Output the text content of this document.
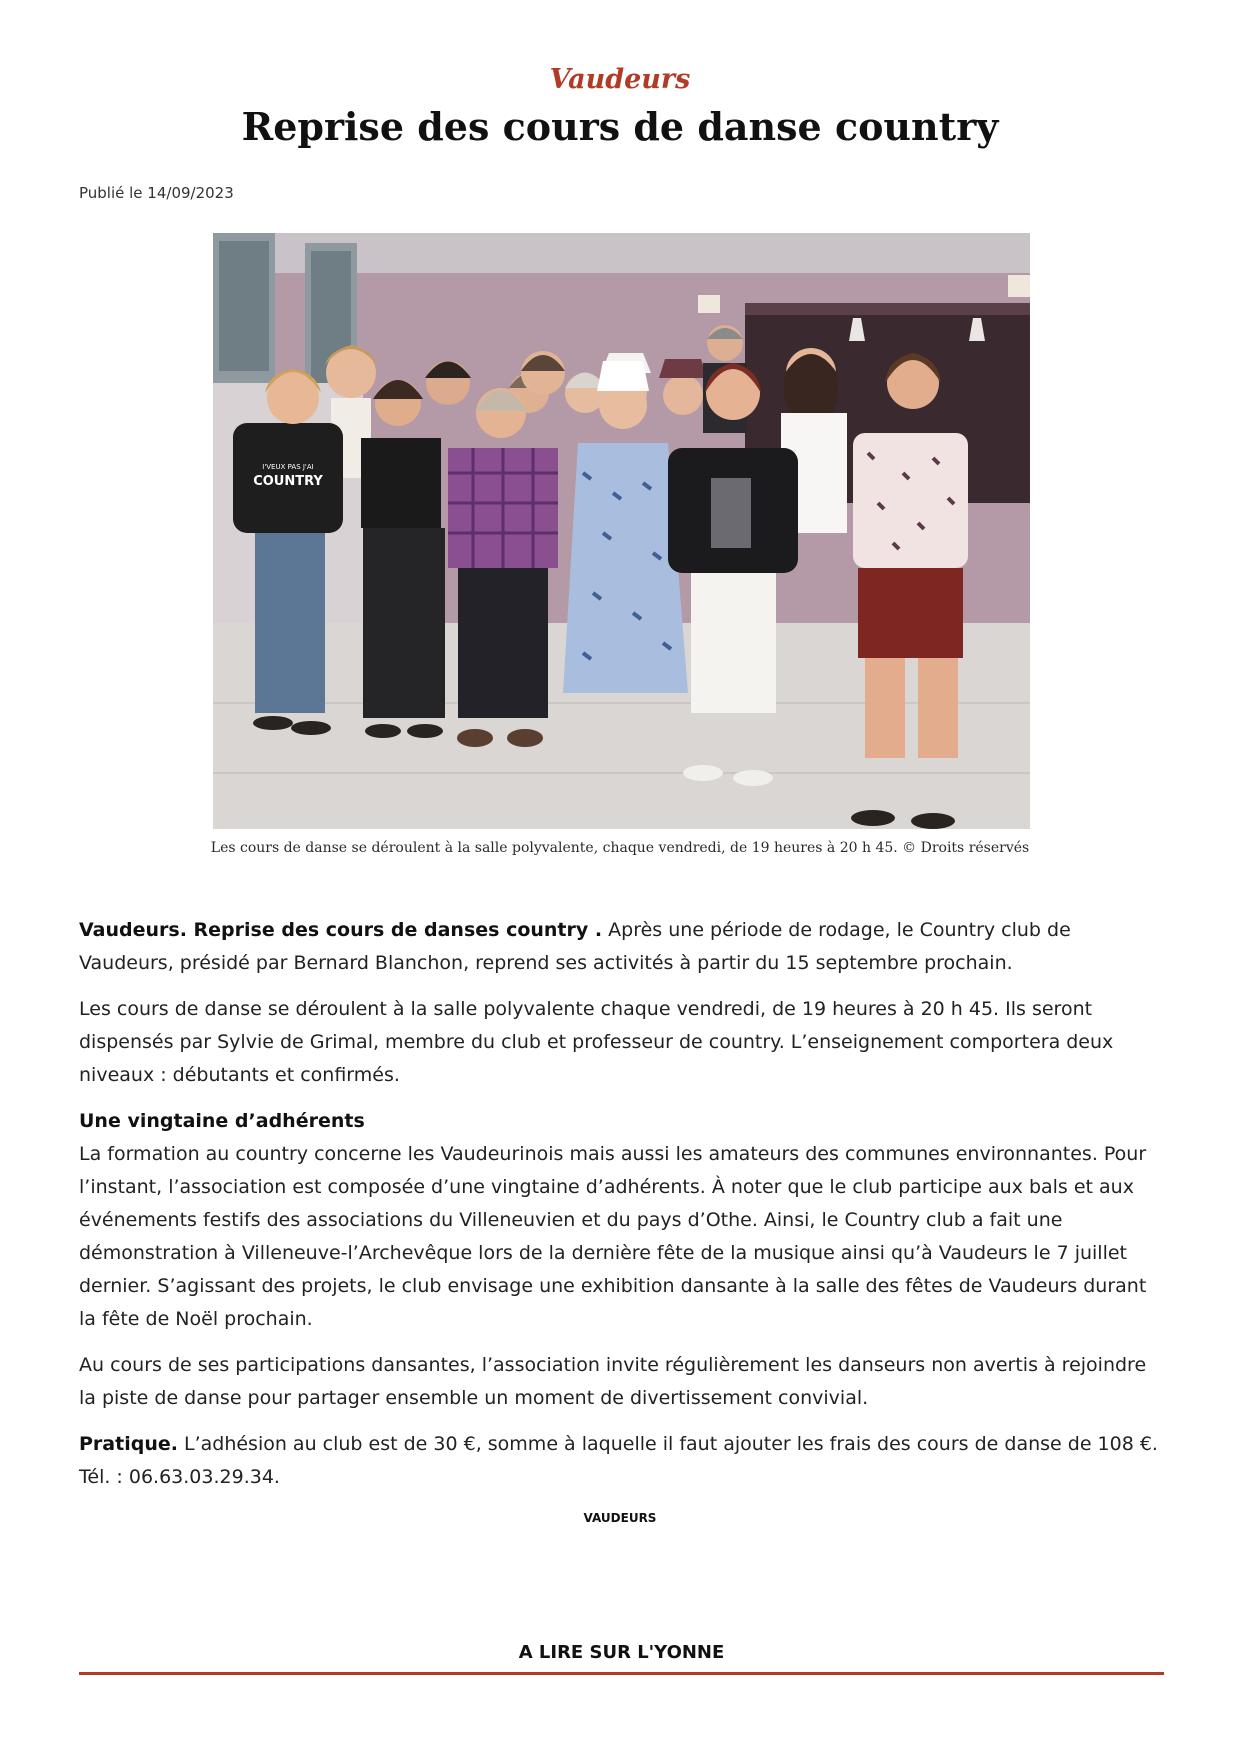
Vaudeurs
Reprise des cours de danse country
Publié le 14/09/2023
I'VEUX PAS J'AI
COUNTRY
Les cours de danse se déroulent à la salle polyvalente, chaque vendredi, de 19 heures à 20 h 45. © Droits réservés

Vaudeurs. Reprise des cours de danses country . Après une période de rodage, le Country club de Vaudeurs, présidé par Bernard Blanchon, reprend ses activités à partir du 15 septembre prochain.

Les cours de danse se déroulent à la salle polyvalente chaque vendredi, de 19 heures à 20 h 45. Ils seront dispensés par Sylvie de Grimal, membre du club et professeur de country. L’enseignement comportera deux niveaux : débutants et confirmés.

Une vingtaine d’adhérents
La formation au country concerne les Vaudeurinois mais aussi les amateurs des communes environnantes. Pour l’instant, l’association est composée d’une vingtaine d’adhérents. À noter que le club participe aux bals et aux événements festifs des associations du Villeneuvien et du pays d’Othe. Ainsi, le Country club a fait une démonstration à Villeneuve-l’Archevêque lors de la dernière fête de la musique ainsi qu’à Vaudeurs le 7 juillet dernier. S’agissant des projets, le club envisage une exhibition dansante à la salle des fêtes de Vaudeurs durant la fête de Noël prochain.

Au cours de ses participations dansantes, l’association invite régulièrement les danseurs non avertis à rejoindre la piste de danse pour partager ensemble un moment de divertissement convivial.

Pratique. L’adhésion au club est de 30 €, somme à laquelle il faut ajouter les frais des cours de danse de 108 €. Tél. : 06.63.03.29.34.

VAUDEURS
A LIRE SUR L'YONNE
